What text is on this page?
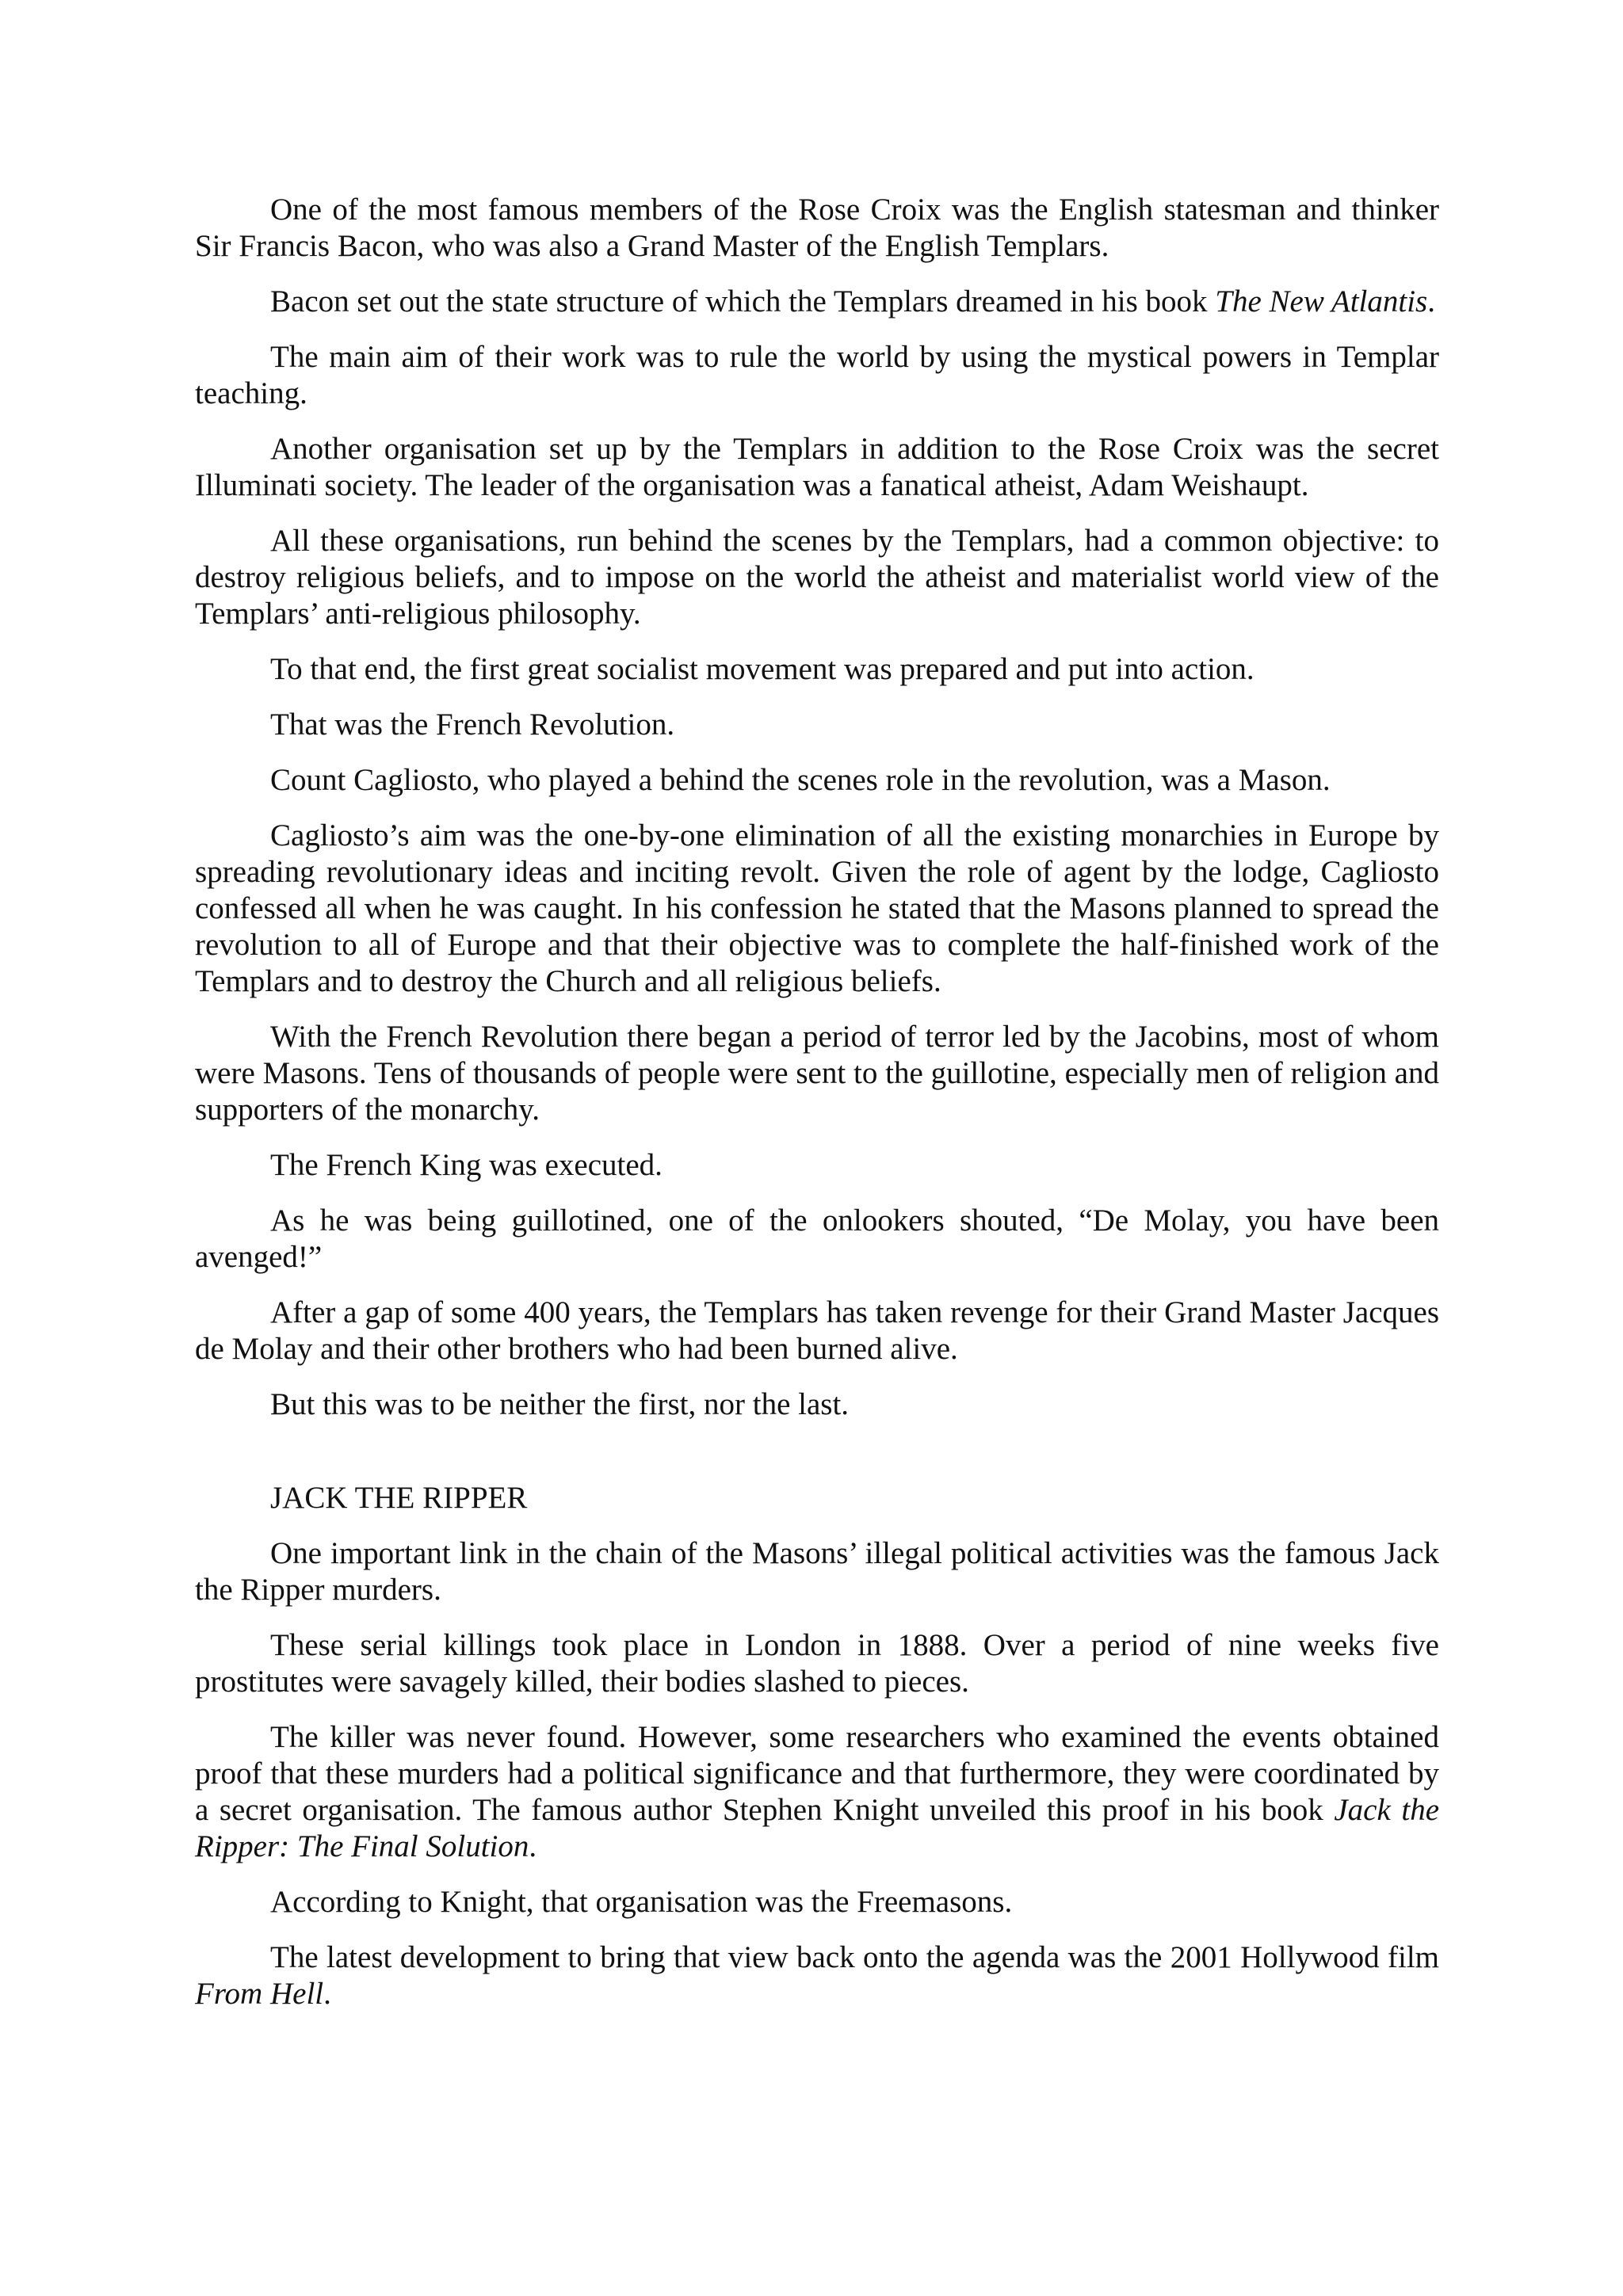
One of the most famous members of the Rose Croix was the English statesman and thinker Sir Francis Bacon, who was also a Grand Master of the English Templars.

Bacon set out the state structure of which the Templars dreamed in his book The New Atlantis.

The main aim of their work was to rule the world by using the mystical powers in Templar teaching.

Another organisation set up by the Templars in addition to the Rose Croix was the secret Illuminati society. The leader of the organisation was a fanatical atheist, Adam Weishaupt.

All these organisations, run behind the scenes by the Templars, had a common objective: to destroy religious beliefs, and to impose on the world the atheist and materialist world view of the Templars’ anti-religious philosophy.

To that end, the first great socialist movement was prepared and put into action.

That was the French Revolution.

Count Cagliosto, who played a behind the scenes role in the revolution, was a Mason.

Cagliosto’s aim was the one-by-one elimination of all the existing monarchies in Europe by spreading revolutionary ideas and inciting revolt. Given the role of agent by the lodge, Cagliosto confessed all when he was caught. In his confession he stated that the Masons planned to spread the revolution to all of Europe and that their objective was to complete the half-finished work of the Templars and to destroy the Church and all religious beliefs.

With the French Revolution there began a period of terror led by the Jacobins, most of whom were Masons. Tens of thousands of people were sent to the guillotine, especially men of religion and supporters of the monarchy.

The French King was executed.

As he was being guillotined, one of the onlookers shouted, “De Molay, you have been avenged!”

After a gap of some 400 years, the Templars has taken revenge for their Grand Master Jacques de Molay and their other brothers who had been burned alive.

But this was to be neither the first, nor the last.

JACK THE RIPPER

One important link in the chain of the Masons’ illegal political activities was the famous Jack the Ripper murders.

These serial killings took place in London in 1888. Over a period of nine weeks five prostitutes were savagely killed, their bodies slashed to pieces.

The killer was never found. However, some researchers who examined the events obtained proof that these murders had a political significance and that furthermore, they were coordinated by a secret organisation. The famous author Stephen Knight unveiled this proof in his book Jack the Ripper: The Final Solution.

According to Knight, that organisation was the Freemasons.

The latest development to bring that view back onto the agenda was the 2001 Hollywood film From Hell.
